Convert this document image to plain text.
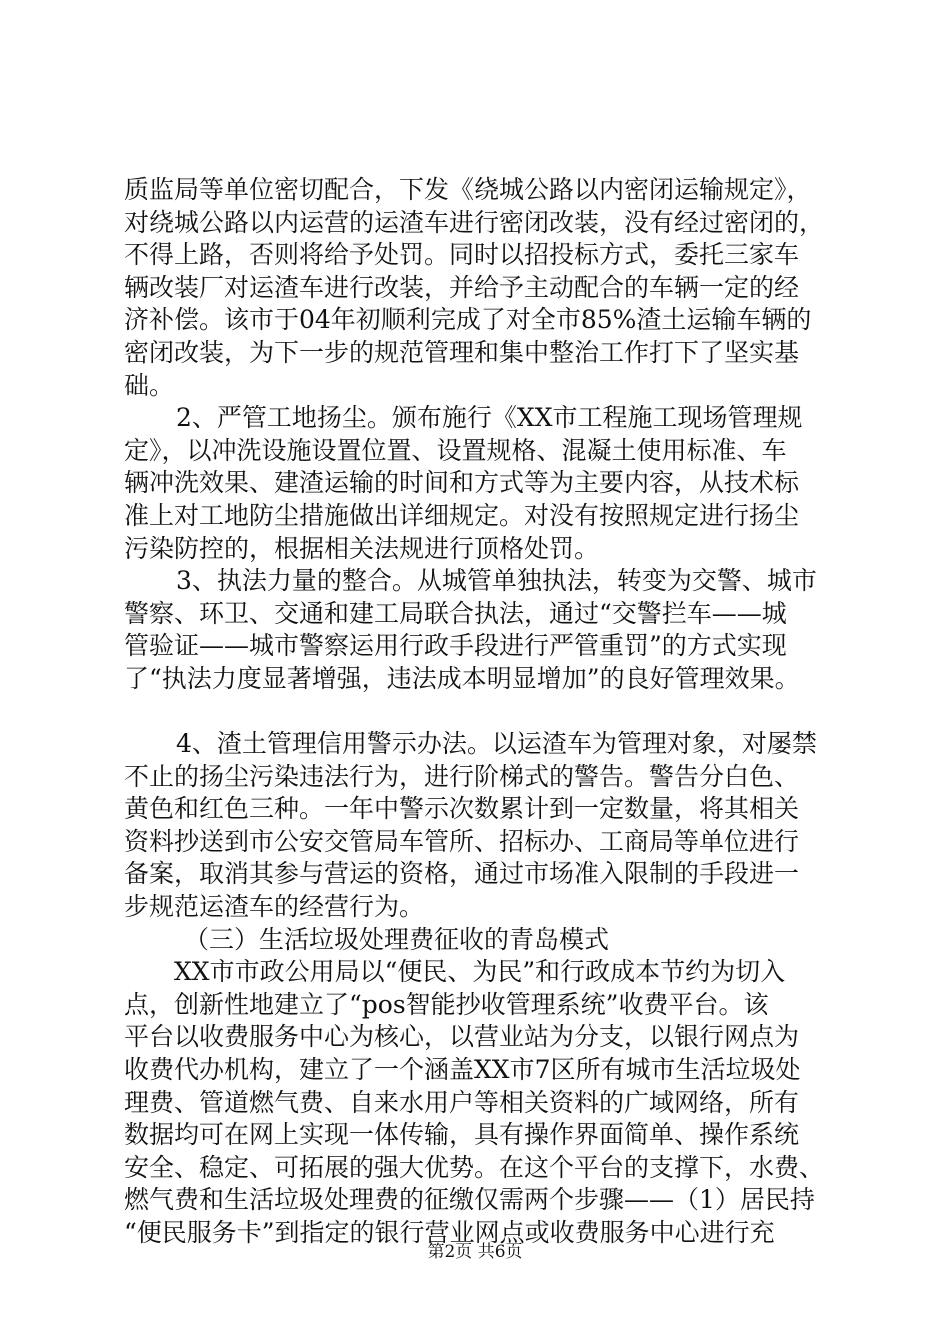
质监局等单位密切配合，下发《绕城公路以内密闭运输规定》，
对绕城公路以内运营的运渣车进行密闭改装，没有经过密闭的，
不得上路，否则将给予处罚。同时以招投标方式，委托三家车
辆改装厂对运渣车进行改装，并给予主动配合的车辆一定的经
济补偿。该市于04年初顺利完成了对全市85%渣土运输车辆的
密闭改装，为下一步的规范管理和集中整治工作打下了坚实基
础。
2、严管工地扬尘。颁布施行《XX市工程施工现场管理规
定》，以冲洗设施设置位置、设置规格、混凝土使用标准、车
辆冲洗效果、建渣运输的时间和方式等为主要内容，从技术标
准上对工地防尘措施做出详细规定。对没有按照规定进行扬尘
污染防控的，根据相关法规进行顶格处罚。
3、执法力量的整合。从城管单独执法，转变为交警、城市
警察、环卫、交通和建工局联合执法，通过“交警拦车——城
管验证——城市警察运用行政手段进行严管重罚”的方式实现
了“执法力度显著增强，违法成本明显增加”的良好管理效果。
4、渣土管理信用警示办法。以运渣车为管理对象，对屡禁
不止的扬尘污染违法行为，进行阶梯式的警告。警告分白色、
黄色和红色三种。一年中警示次数累计到一定数量，将其相关
资料抄送到市公安交管局车管所、招标办、工商局等单位进行
备案，取消其参与营运的资格，通过市场准入限制的手段进一
步规范运渣车的经营行为。
（三）生活垃圾处理费征收的青岛模式
XX市市政公用局以“便民、为民”和行政成本节约为切入
点，创新性地建立了“pos智能抄收管理系统”收费平台。该
平台以收费服务中心为核心，以营业站为分支，以银行网点为
收费代办机构，建立了一个涵盖XX市7区所有城市生活垃圾处
理费、管道燃气费、自来水用户等相关资料的广域网络，所有
数据均可在网上实现一体传输，具有操作界面简单、操作系统
安全、稳定、可拓展的强大优势。在这个平台的支撑下，水费、
燃气费和生活垃圾处理费的征缴仅需两个步骤——（1）居民持
“便民服务卡”到指定的银行营业网点或收费服务中心进行充
第2页 共6页
